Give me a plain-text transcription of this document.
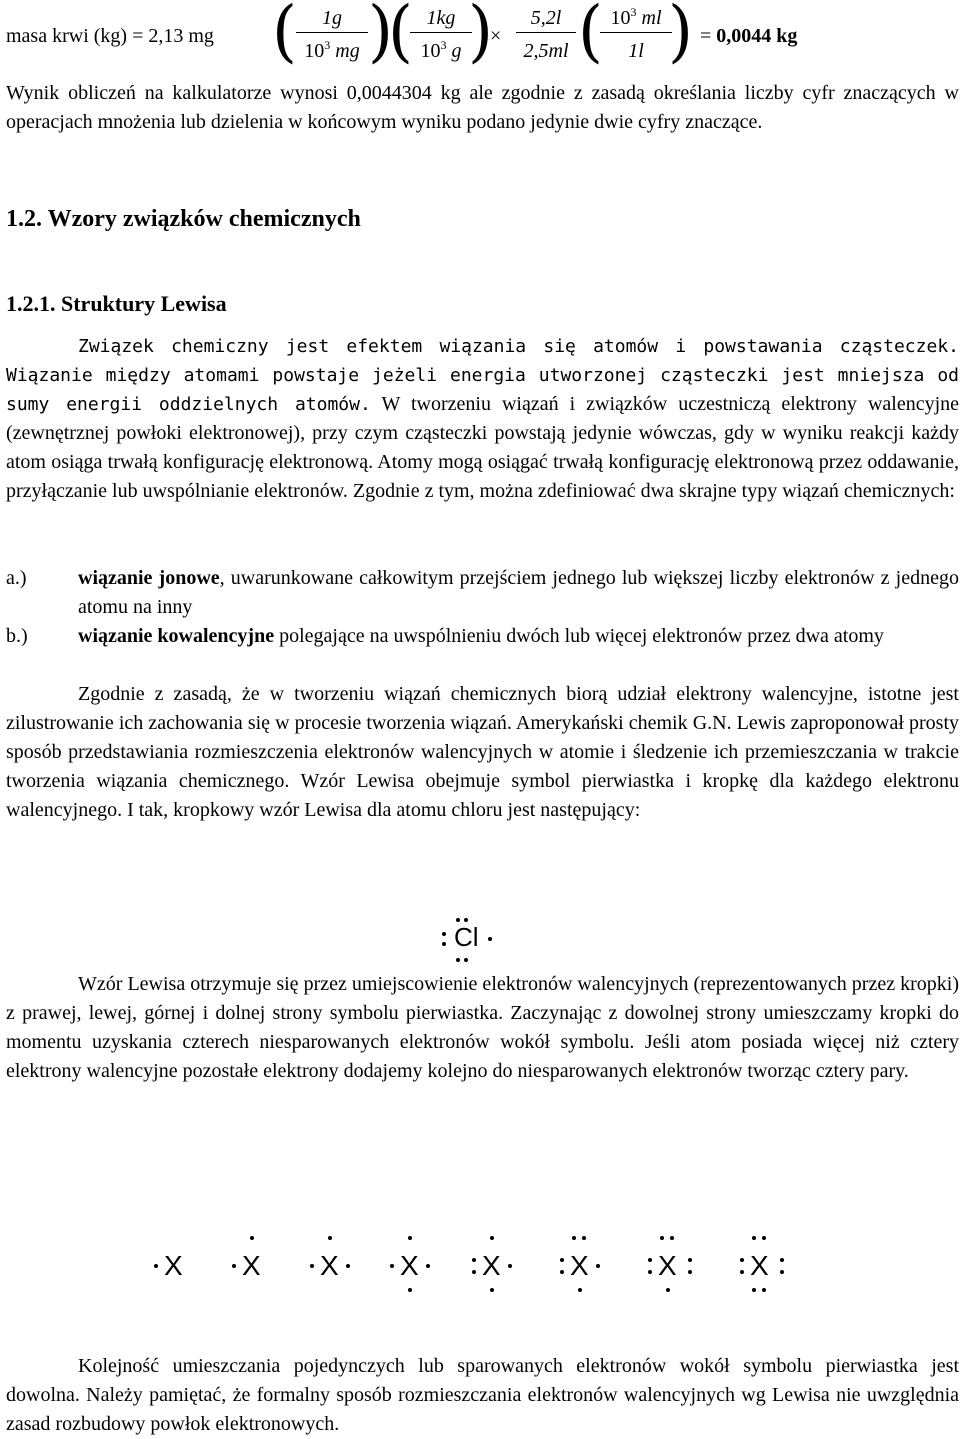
masa krwi (kg) = 2,13 mg (	1g
$10^3$ mg )
( 1kg
$10^3$ g )
×
5,2l
2,5ml ( $10^3$ ml
1l ) = 0,0044 kg

Wynik obliczeń na kalkulatorze wynosi 0,0044304 kg ale zgodnie z zasadą określania liczby cyfr znaczących w operacjach mnożenia lub dzielenia w końcowym wyniku podano jedynie dwie cyfry znaczące.

1.2. Wzory związków chemicznych
1.2.1. Struktury Lewisa

Związek chemiczny jest efektem wiązania się atomów i powstawania cząsteczek. Wiązanie między atomami powstaje jeżeli energia utworzonej cząsteczki jest mniejsza od sumy energii oddzielnych atomów. W tworzeniu wiązań i związków uczestniczą elektrony walencyjne (zewnętrznej powłoki elektronowej), przy czym cząsteczki powstają jedynie wówczas, gdy w wyniku reakcji każdy atom osiąga trwałą konfigurację elektronową. Atomy mogą osiągać trwałą konfigurację elektronową przez oddawanie, przyłączanie lub uwspólnianie elektronów. Zgodnie z tym, można zdefiniować dwa skrajne typy wiązań chemicznych:

a.)	wiązanie jonowe, uwarunkowane całkowitym przejściem jednego lub większej liczby elektronów z jednego atomu na inny
b.)	wiązanie kowalencyjne polegające na uwspólnieniu dwóch lub więcej elektronów przez dwa atomy

Zgodnie z zasadą, że w tworzeniu wiązań chemicznych biorą udział elektrony walencyjne, istotne jest zilustrowanie ich zachowania się w procesie tworzenia wiązań. Amerykański chemik G.N. Lewis zaproponował prosty sposób przedstawiania rozmieszczenia elektronów walencyjnych w atomie i śledzenie ich przemieszczania w trakcie tworzenia wiązania chemicznego. Wzór Lewisa obejmuje symbol pierwiastka i kropkę dla każdego elektronu walencyjnego. I tak, kropkowy wzór Lewisa dla atomu chloru jest następujący:

Cl

Wzór Lewisa otrzymuje się przez umiejscowienie elektronów walencyjnych (reprezentowanych przez kropki) z prawej, lewej, górnej i dolnej strony symbolu pierwiastka. Zaczynając z dowolnej strony umieszczamy kropki do momentu uzyskania czterech niesparowanych elektronów wokół symbolu. Jeśli atom posiada więcej niż cztery elektrony walencyjne pozostałe elektrony dodajemy kolejno do niesparowanych elektronów tworząc cztery pary.

X X X X X X X	X

Kolejność umieszczania pojedynczych lub sparowanych elektronów wokół symbolu pierwiastka jest dowolna. Należy pamiętać, że formalny sposób rozmieszczania elektronów walencyjnych wg Lewisa nie uwzględnia zasad rozbudowy powłok elektronowych.
